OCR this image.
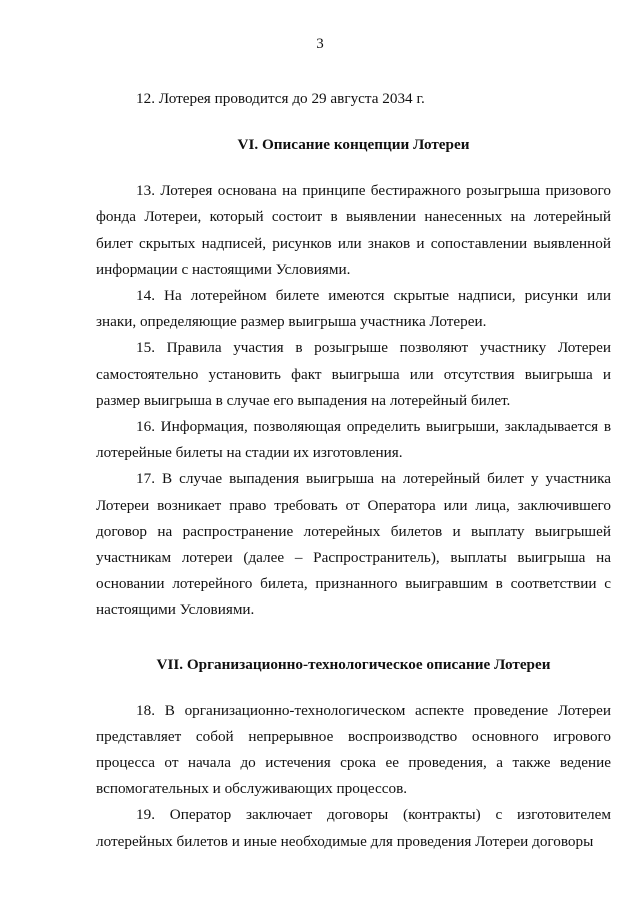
3

12. Лотерея проводится до 29 августа 2034 г.

VI. Описание концепции Лотереи

13. Лотерея основана на принципе бестиражного розыгрыша призового фонда Лотереи, который состоит в выявлении нанесенных на лотерейный билет скрытых надписей, рисунков или знаков и сопоставлении выявленной информации с настоящими Условиями.

14. На лотерейном билете имеются скрытые надписи, рисунки или знаки, определяющие размер выигрыша участника Лотереи.

15. Правила участия в розыгрыше позволяют участнику Лотереи самостоятельно установить факт выигрыша или отсутствия выигрыша и размер выигрыша в случае его выпадения на лотерейный билет.

16. Информация, позволяющая определить выигрыши, закладывается в лотерейные билеты на стадии их изготовления.

17. В случае выпадения выигрыша на лотерейный билет у участника Лотереи возникает право требовать от Оператора или лица, заключившего договор на распространение лотерейных билетов и выплату выигрышей участникам лотереи (далее – Распространитель), выплаты выигрыша на основании лотерейного билета, признанного выигравшим в соответствии с настоящими Условиями.

VII. Организационно-технологическое описание Лотереи

18. В организационно-технологическом аспекте проведение Лотереи представляет собой непрерывное воспроизводство основного игрового процесса от начала до истечения срока ее проведения, а также ведение вспомогательных и обслуживающих процессов.

19. Оператор заключает договоры (контракты) с изготовителем лотерейных билетов и иные необходимые для проведения Лотереи договоры
